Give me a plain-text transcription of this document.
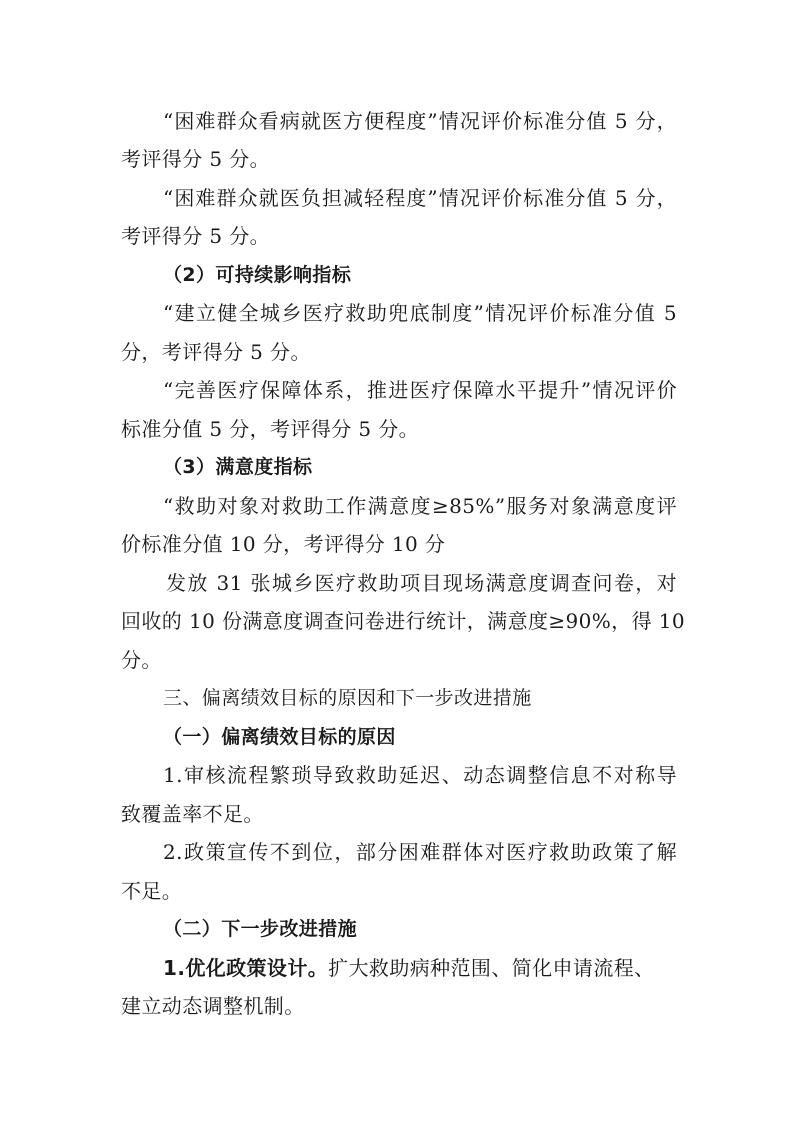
“困难群众看病就医方便程度”情况评价标准分值 5 分，
考评得分 5 分。
“困难群众就医负担减轻程度”情况评价标准分值 5 分，
考评得分 5 分。
（2）可持续影响指标
“建立健全城乡医疗救助兜底制度”情况评价标准分值 5
分，考评得分 5 分。
“完善医疗保障体系，推进医疗保障水平提升”情况评价
标准分值 5 分，考评得分 5 分。
（3）满意度指标
“救助对象对救助工作满意度≥85%”服务对象满意度评
价标准分值 10 分，考评得分 10 分
发放 31 张城乡医疗救助项目现场满意度调查问卷，对
回收的 10 份满意度调查问卷进行统计，满意度≥90%，得 10
分。
三、偏离绩效目标的原因和下一步改进措施
（一）偏离绩效目标的原因
1.审核流程繁琐导致救助延迟、动态调整信息不对称导
致覆盖率不足。
2.政策宣传不到位，部分困难群体对医疗救助政策了解
不足。
（二）下一步改进措施
1.优化政策设计。扩大救助病种范围、简化申请流程、
建立动态调整机制。
